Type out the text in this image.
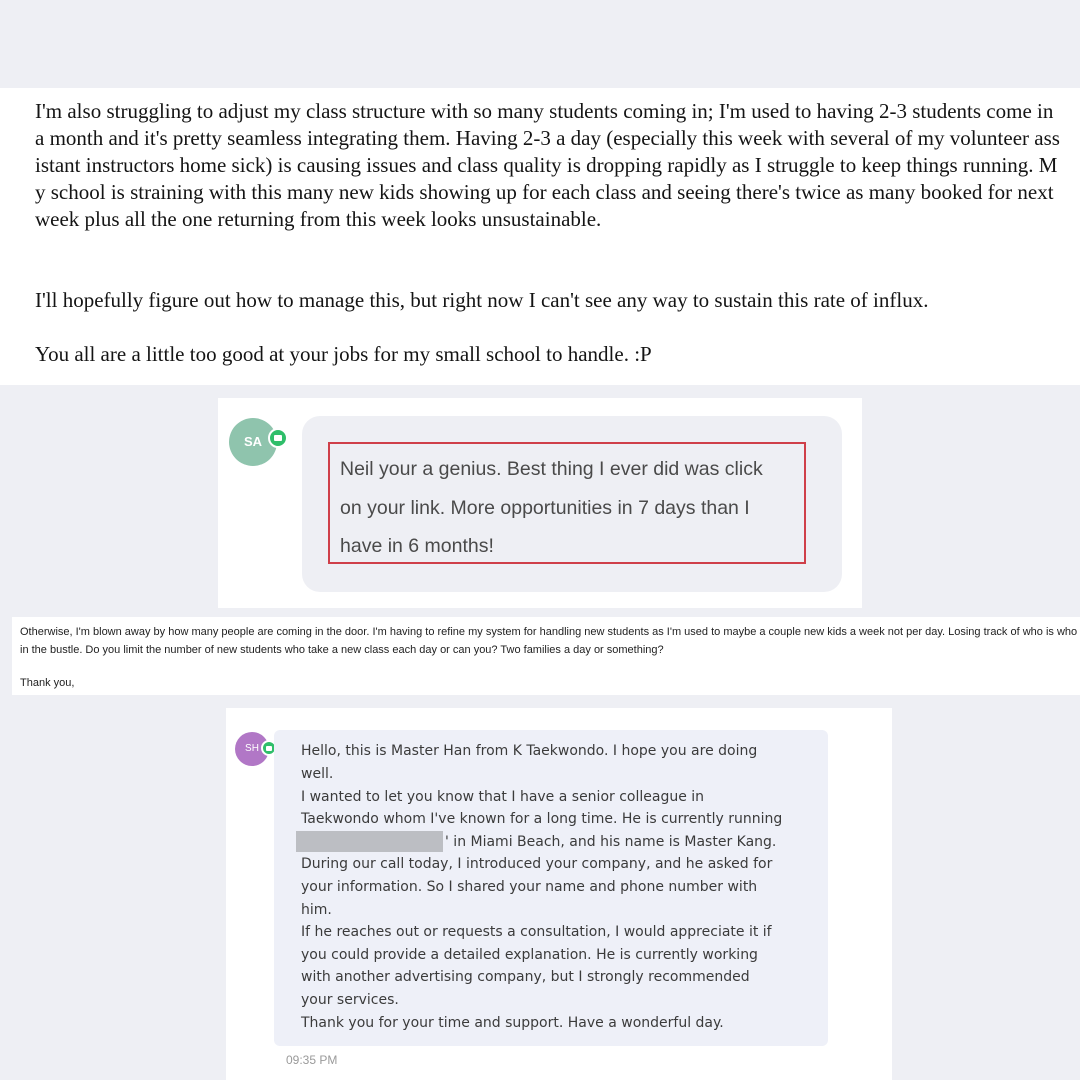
I'm also struggling to adjust my class structure with so many students coming in; I'm used to having 2-3 students come in a month and it's pretty seamless integrating them. Having 2-3 a day (especially this week with several of my volunteer assistant instructors home sick) is causing issues and class quality is dropping rapidly as I struggle to keep things running. My school is straining with this many new kids showing up for each class and seeing there's twice as many booked for next week plus all the one returning from this week looks unsustainable.

I'll hopefully figure out how to manage this, but right now I can't see any way to sustain this rate of influx.

You all are a little too good at your jobs for my small school to handle. :P

SA
Neil your a genius. Best thing I ever did was click
on your link. More opportunities in 7 days than I
have in 6 months!

Otherwise, I'm blown away by how many people are coming in the door. I'm having to refine my system for handling new students as I'm used to maybe a couple new kids a week not per day. Losing track of who is who in the bustle. Do you limit the number of new students who take a new class each day or can you? Two families a day or something?

Thank you,

SH	Hello, this is Master Han from K Taekwondo. I hope you are doing

well.

I wanted to let you know that I have a senior colleague in

Taekwondo whom I've known for a long time. He is currently running

' in Miami Beach, and his name is Master Kang.

During our call today, I introduced your company, and he asked for

your information. So I shared your name and phone number with

him.

If he reaches out or requests a consultation, I would appreciate it if

you could provide a detailed explanation. He is currently working

with another advertising company, but I strongly recommended

your services.

Thank you for your time and support. Have a wonderful day.

09:35 PM
